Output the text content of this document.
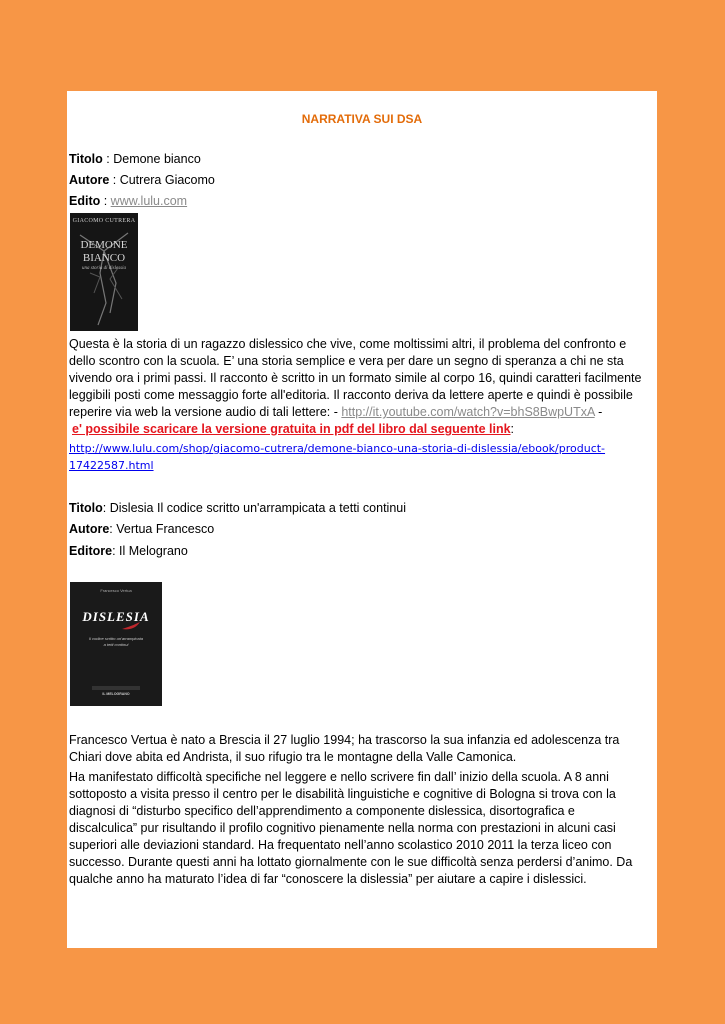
NARRATIVA SUI DSA
Titolo : Demone bianco
Autore : Cutrera Giacomo
Edito : www.lulu.com
GIACOMO CUTRERA
DEMONE
BIANCO
una storia di dislessia
Questa è la storia di un ragazzo dislessico che vive, come moltissimi altri, il problema del confronto e
dello scontro con la scuola. E’ una storia semplice e vera per dare un segno di speranza a chi ne sta
vivendo ora i primi passi. Il racconto è scritto in un formato simile al corpo 16, quindi caratteri facilmente
leggibili posti come messaggio forte all'editoria. Il racconto deriva da lettere aperte e quindi è possibile
reperire via web la versione audio di tali lettere: - http://it.youtube.com/watch?v=bhS8BwpUTxA -
e' possibile scaricare la versione gratuita in pdf del libro dal seguente link:
http://www.lulu.com/shop/giacomo-cutrera/demone-bianco-una-storia-di-dislessia/ebook/product-
17422587.html
Titolo: Dislesia Il codice scritto un'arrampicata a tetti continui
Autore: Vertua Francesco
Editore: Il Melograno
Francesco Vertua
DISLESIA
Il codice scritto un'arrampicata
a tetti continui
IL MELOGRANO
Francesco Vertua è nato a Brescia il 27 luglio 1994; ha trascorso la sua infanzia ed adolescenza tra
Chiari dove abita ed Andrista, il suo rifugio tra le montagne della Valle Camonica.
Ha manifestato difficoltà specifiche nel leggere e nello scrivere fin dall’ inizio della scuola. A 8 anni
sottoposto a visita presso il centro per le disabilità linguistiche e cognitive di Bologna si trova con la
diagnosi di “disturbo specifico dell’apprendimento a componente dislessica, disortografica e
discalculica” pur risultando il profilo cognitivo pienamente nella norma con prestazioni in alcuni casi
superiori alle deviazioni standard. Ha frequentato nell’anno scolastico 2010 2011 la terza liceo con
successo. Durante questi anni ha lottato giornalmente con le sue difficoltà senza perdersi d’animo. Da
qualche anno ha maturato l’idea di far “conoscere la dislessia” per aiutare a capire i dislessici.
